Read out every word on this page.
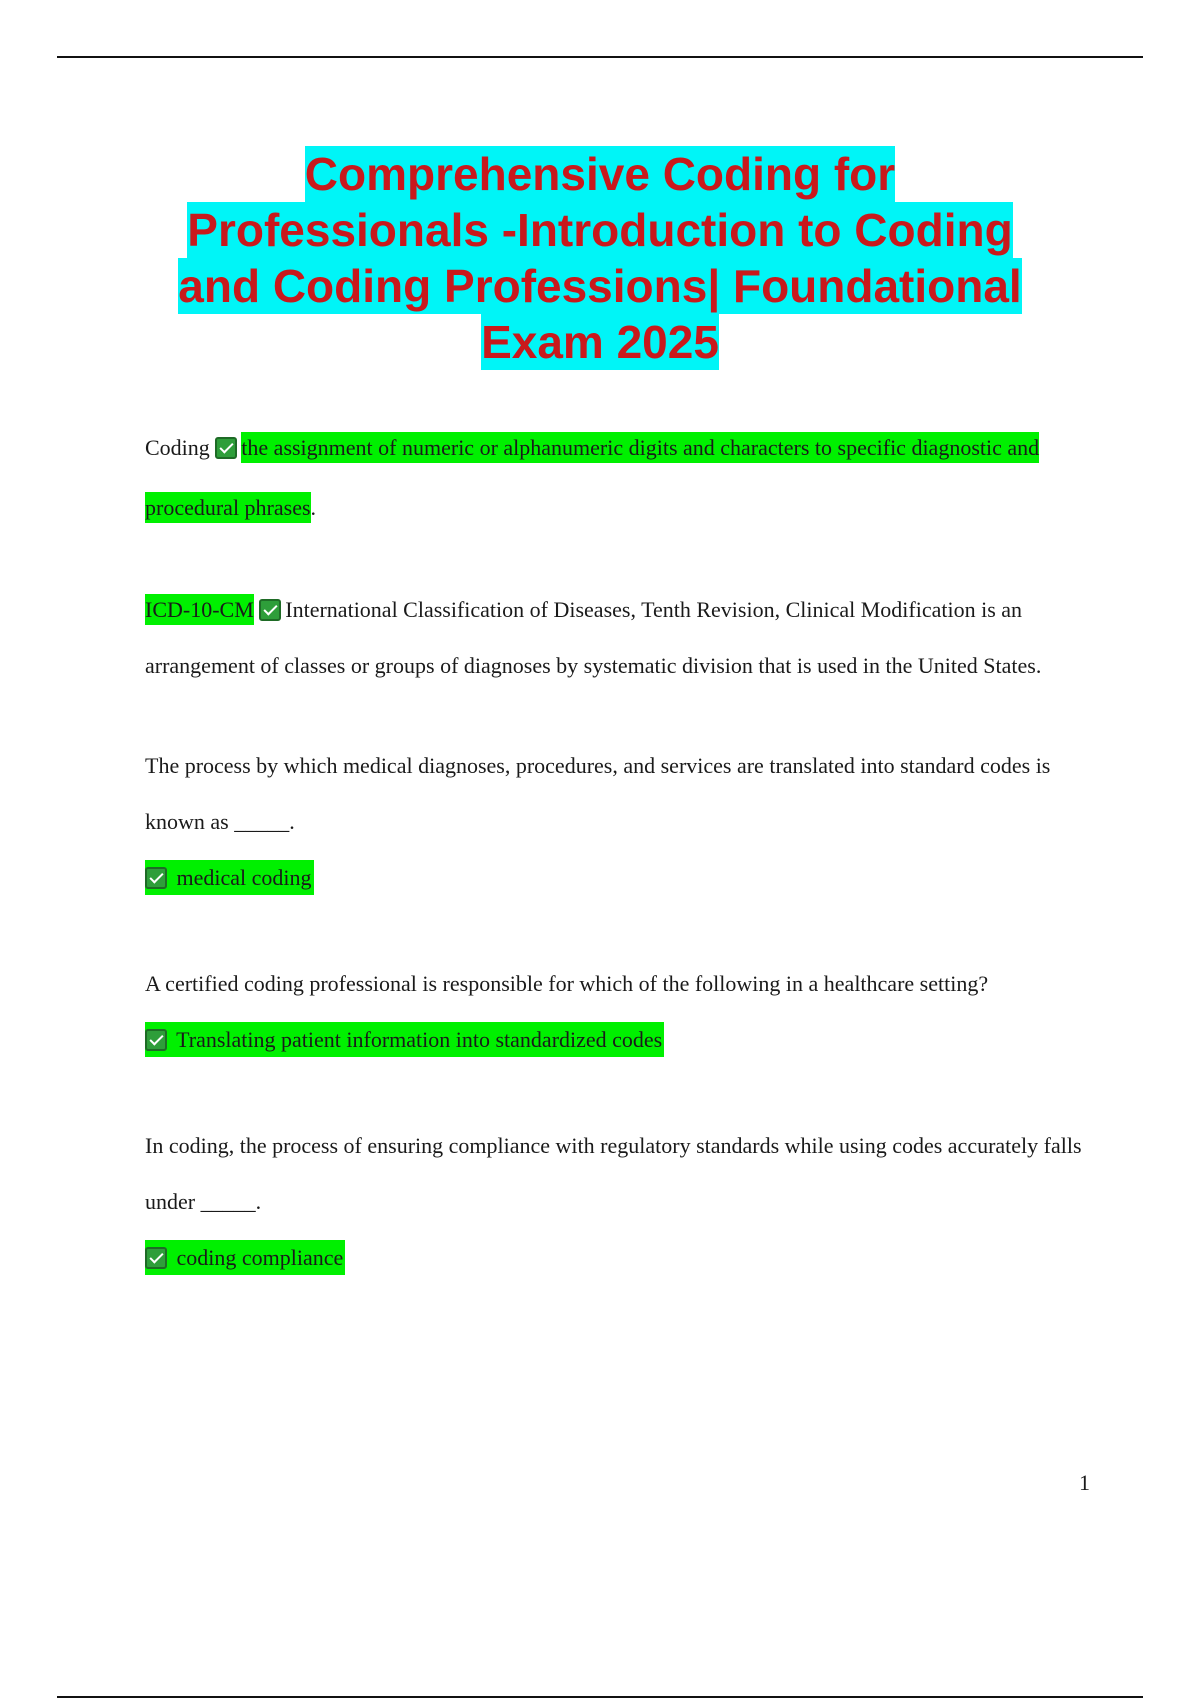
Comprehensive Coding for Professionals -Introduction to Coding and Coding Professions| Foundational Exam 2025

Coding the assignment of numeric or alphanumeric digits and characters to specific diagnostic and procedural phrases.

ICD-10-CM International Classification of Diseases, Tenth Revision, Clinical Modification is an arrangement of classes or groups of diagnoses by systematic division that is used in the United States.

The process by which medical diagnoses, procedures, and services are translated into standard codes is known as _____.

medical coding

A certified coding professional is responsible for which of the following in a healthcare setting?

Translating patient information into standardized codes

In coding, the process of ensuring compliance with regulatory standards while using codes accurately falls under _____.

coding compliance

1
